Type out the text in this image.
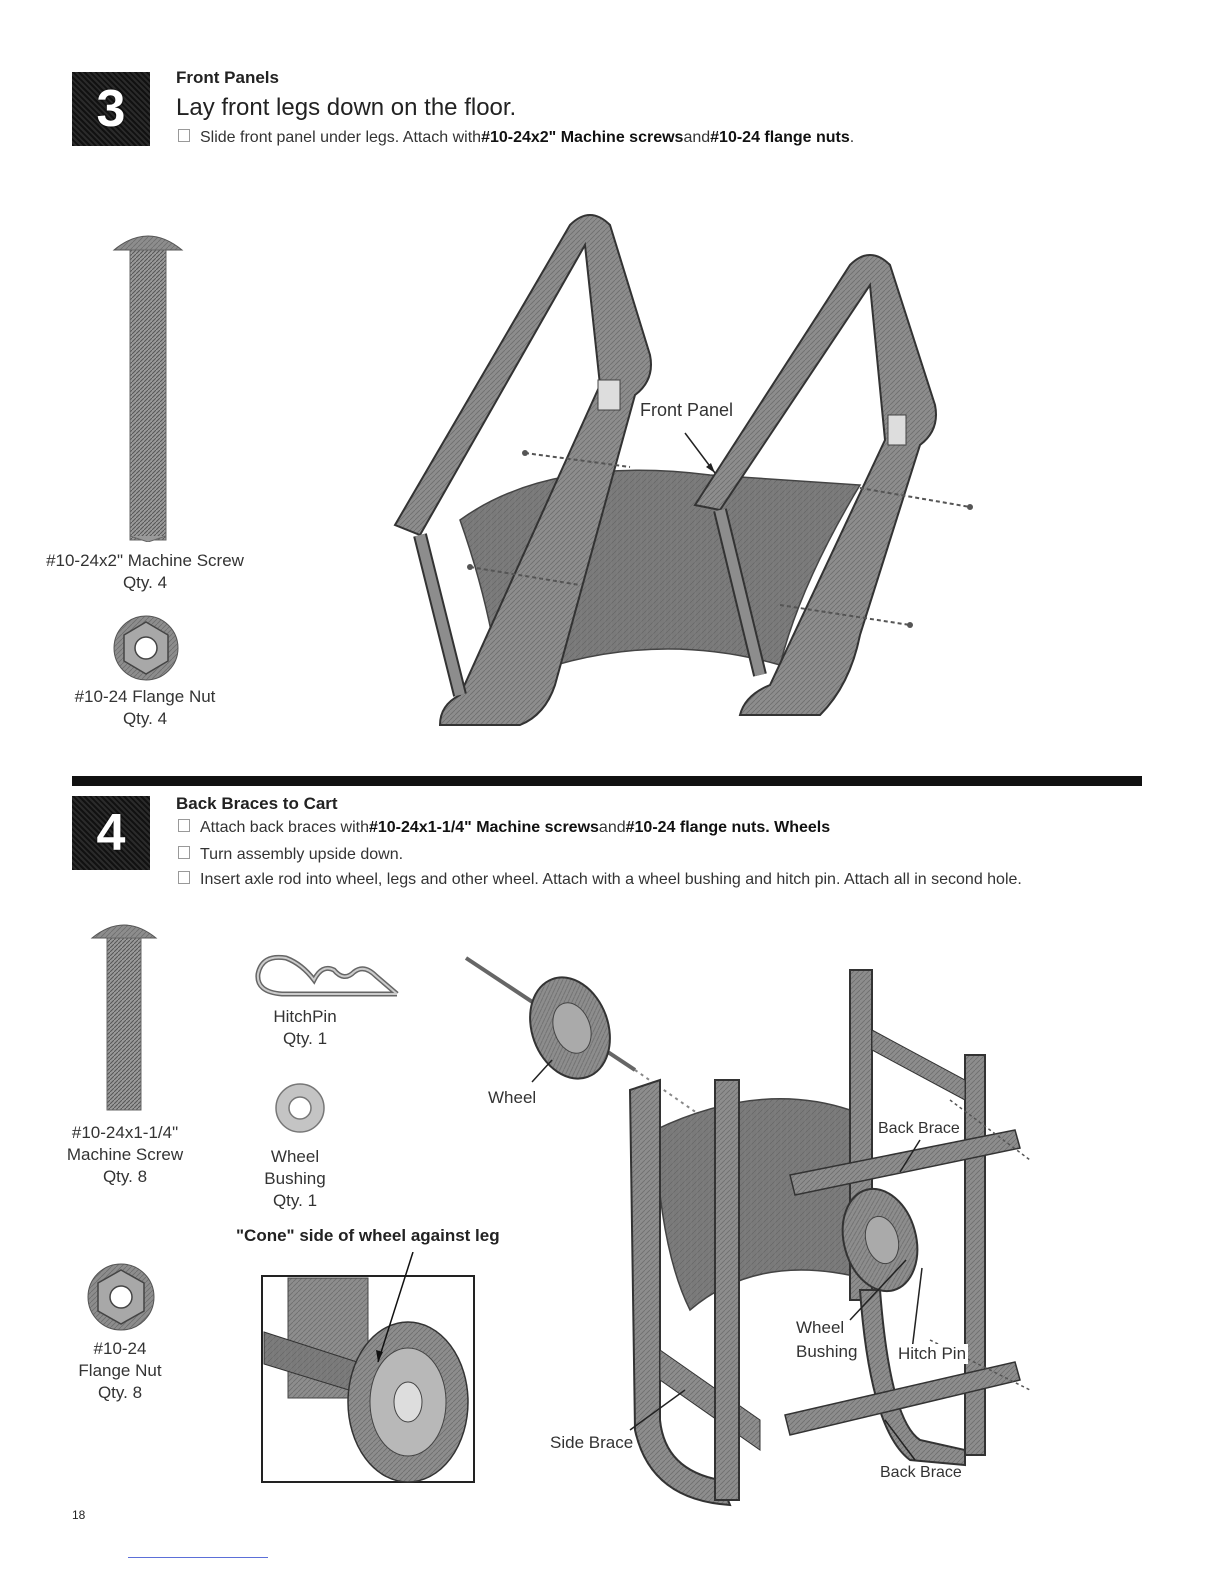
3
Front Panels
Lay front legs down on the floor.
Slide front panel under legs. Attach with #10-24x2" Machine screws and #10-24 flange nuts .
#10-24x2" Machine Screw
Qty. 4
#10-24 Flange Nut
Qty. 4
Front Panel
4
Back Braces to Cart
Attach back braces with #10-24x1-1/4" Machine screws and #10-24 flange nuts. Wheels
Turn assembly upside down.
Insert axle rod into wheel, legs and other wheel. Attach with a wheel bushing and hitch pin. Attach all in second hole.
#10-24x1-1/4"
Machine Screw
Qty. 8
HitchPin
Qty. 1
Wheel Bushing
Qty. 1
#10-24
Flange Nut
Qty. 8
"Cone" side of wheel against leg
Wheel
Back Brace
Wheel
Bushing Hitch Pin
Side Brace
Back Brace
18
